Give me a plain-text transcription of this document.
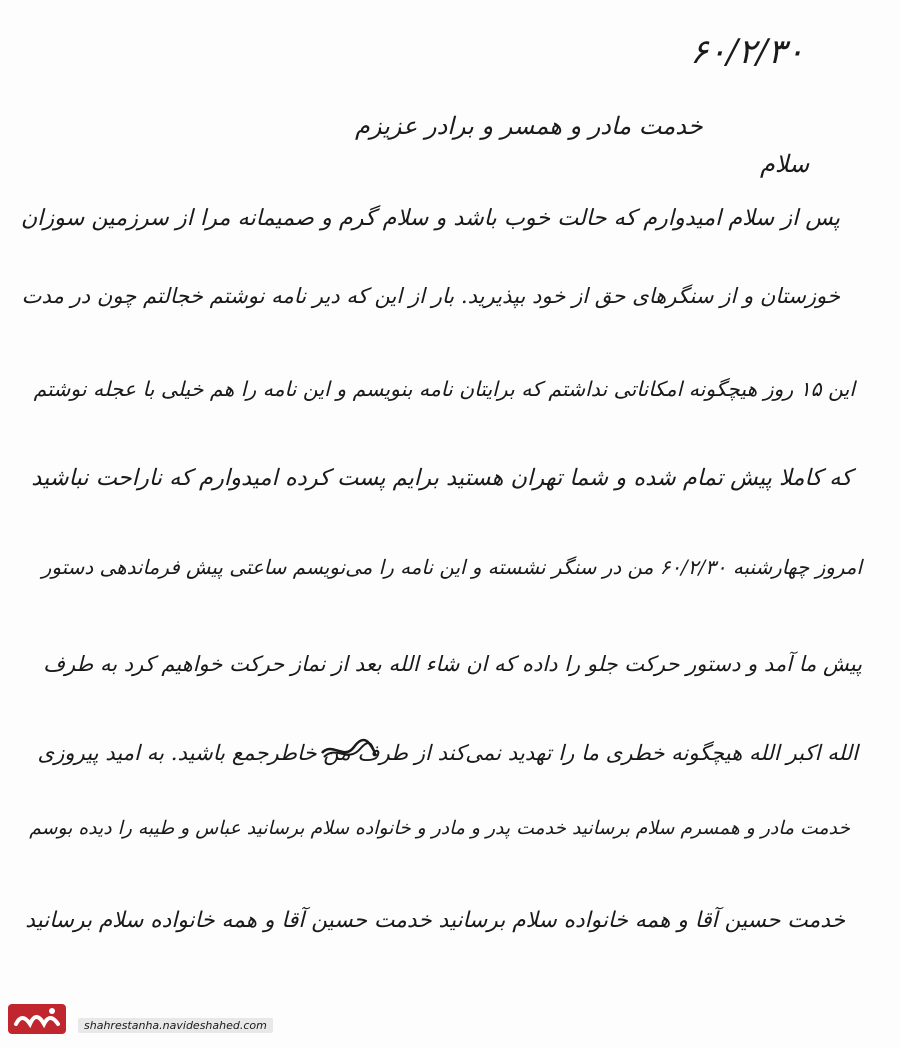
۶۰/۲/۳۰
خدمت مادر و همسر و برادر عزیزم
سلام
پس از سلام امیدوارم که حالت خوب باشد و سلام گرم و صمیمانه مرا از سرزمین سوزان
خوزستان و از سنگرهای حق از خود بپذیرید. بار از این که دیر نامه نوشتم خجالتم چون در مدت
این ۱۵ روز هیچگونه امکاناتی نداشتم که برایتان نامه بنویسم و این نامه را هم خیلی با عجله نوشتم
که کاملا پیش تمام شده و شما تهران هستید برایم پست کرده امیدوارم که ناراحت نباشید
امروز چهارشنبه ۶۰/۲/۳۰ من در سنگر نشسته و این نامه را می‌نویسم ساعتی پیش فرماندهی دستور
پیش ما آمد و دستور حرکت جلو را داده که ان شاء الله بعد از نماز حرکت خواهیم کرد به طرف
الله اکبر الله هیچگونه خطری ما را تهدید نمی‌کند از طرف من خاطرجمع باشید. به امید پیروزی
خدمت مادر و همسرم سلام برسانید خدمت پدر و مادر و خانواده سلام برسانید عباس و طیبه را دیده بوسم
خدمت حسین آقا و همه خانواده سلام برسانید خدمت حسین آقا و همه خانواده سلام برسانید
shahrestanha.navideshahed.com
